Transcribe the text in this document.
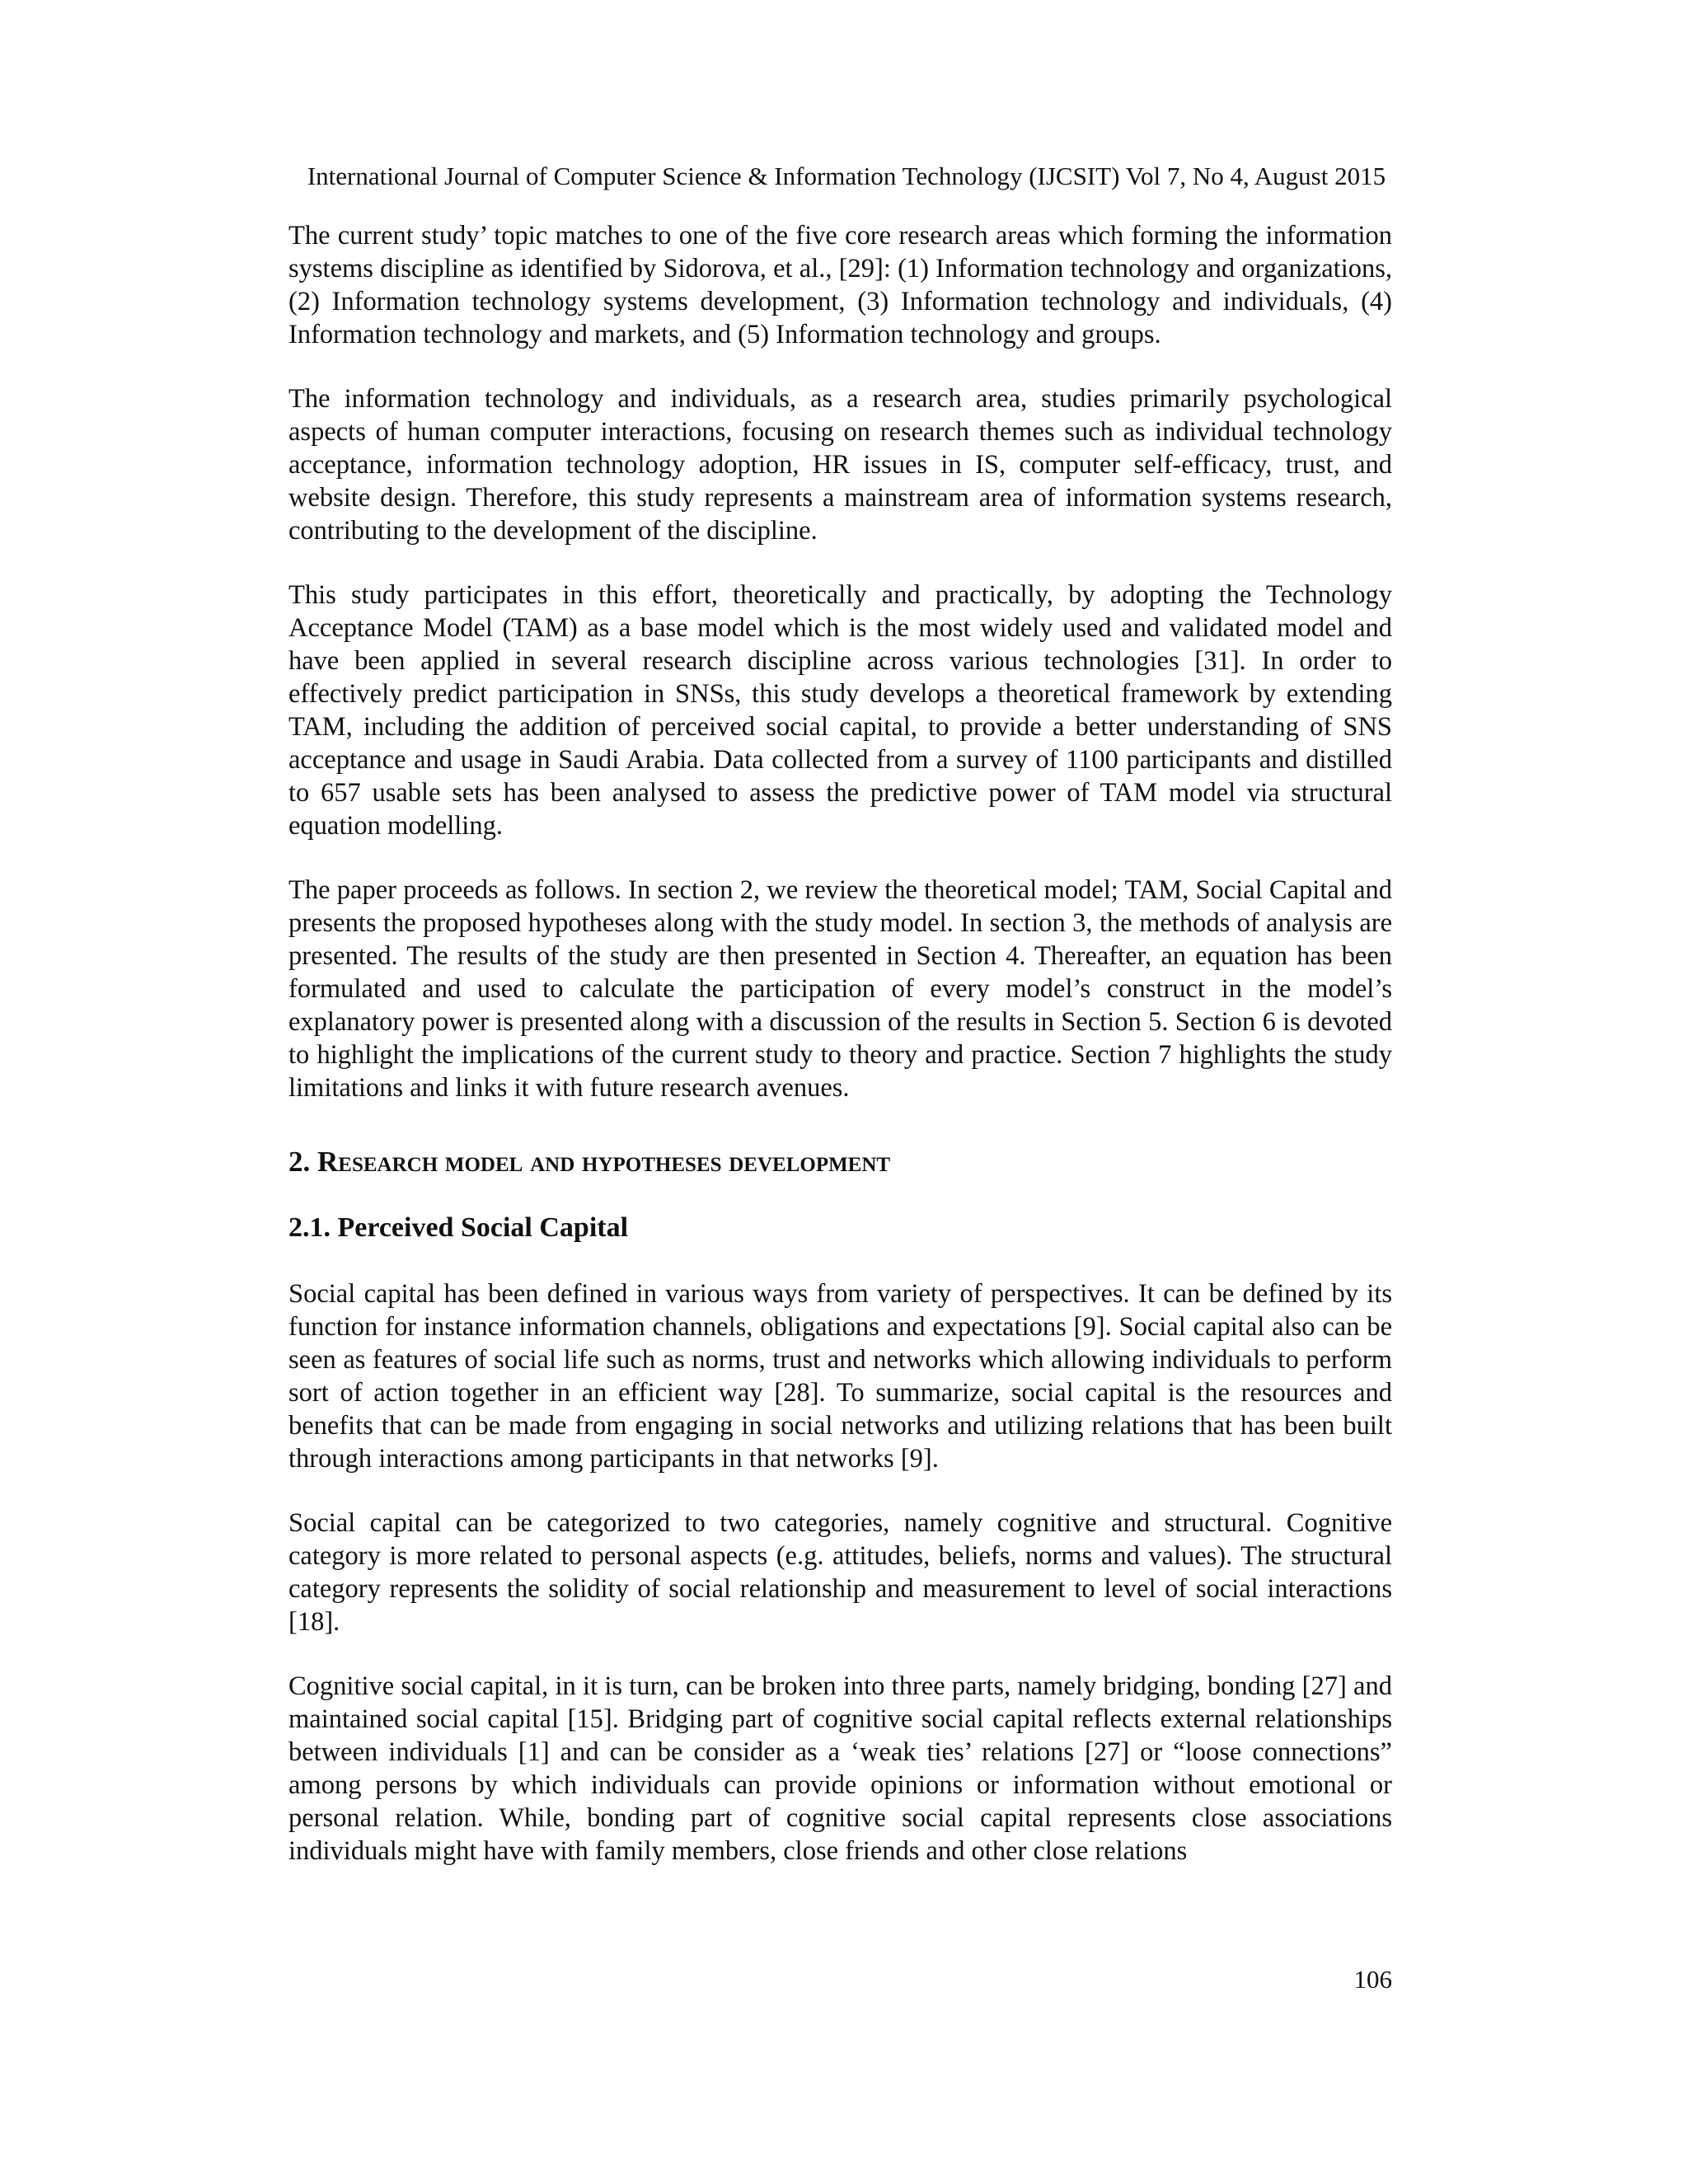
International Journal of Computer Science & Information Technology (IJCSIT) Vol 7, No 4, August 2015

The current study’ topic matches to one of the five core research areas which forming the information systems discipline as identified by Sidorova, et al., [29]: (1) Information technology and organizations, (2) Information technology systems development, (3) Information technology and individuals, (4) Information technology and markets, and (5) Information technology and groups.

The information technology and individuals, as a research area, studies primarily psychological aspects of human computer interactions, focusing on research themes such as individual technology acceptance, information technology adoption, HR issues in IS, computer self-efficacy, trust, and website design. Therefore, this study represents a mainstream area of information systems research, contributing to the development of the discipline.

This study participates in this effort, theoretically and practically, by adopting the Technology Acceptance Model (TAM) as a base model which is the most widely used and validated model and have been applied in several research discipline across various technologies [31]. In order to effectively predict participation in SNSs, this study develops a theoretical framework by extending TAM, including the addition of perceived social capital, to provide a better understanding of SNS acceptance and usage in Saudi Arabia. Data collected from a survey of 1100 participants and distilled to 657 usable sets has been analysed to assess the predictive power of TAM model via structural equation modelling.

The paper proceeds as follows. In section 2, we review the theoretical model; TAM, Social Capital and presents the proposed hypotheses along with the study model. In section 3, the methods of analysis are presented. The results of the study are then presented in Section 4. Thereafter, an equation has been formulated and used to calculate the participation of every model’s construct in the model’s explanatory power is presented along with a discussion of the results in Section 5. Section 6 is devoted to highlight the implications of the current study to theory and practice. Section 7 highlights the study limitations and links it with future research avenues.

2. Research model and hypotheses development
2.1. Perceived Social Capital

Social capital has been defined in various ways from variety of perspectives. It can be defined by its function for instance information channels, obligations and expectations [9]. Social capital also can be seen as features of social life such as norms, trust and networks which allowing individuals to perform sort of action together in an efficient way [28]. To summarize, social capital is the resources and benefits that can be made from engaging in social networks and utilizing relations that has been built through interactions among participants in that networks [9].

Social capital can be categorized to two categories, namely cognitive and structural. Cognitive category is more related to personal aspects (e.g. attitudes, beliefs, norms and values). The structural category represents the solidity of social relationship and measurement to level of social interactions [18].

Cognitive social capital, in it is turn, can be broken into three parts, namely bridging, bonding [27] and maintained social capital [15]. Bridging part of cognitive social capital reflects external relationships between individuals [1] and can be consider as a ‘weak ties’ relations [27] or “loose connections” among persons by which individuals can provide opinions or information without emotional or personal relation. While, bonding part of cognitive social capital represents close associations individuals might have with family members, close friends and other close relations

106
